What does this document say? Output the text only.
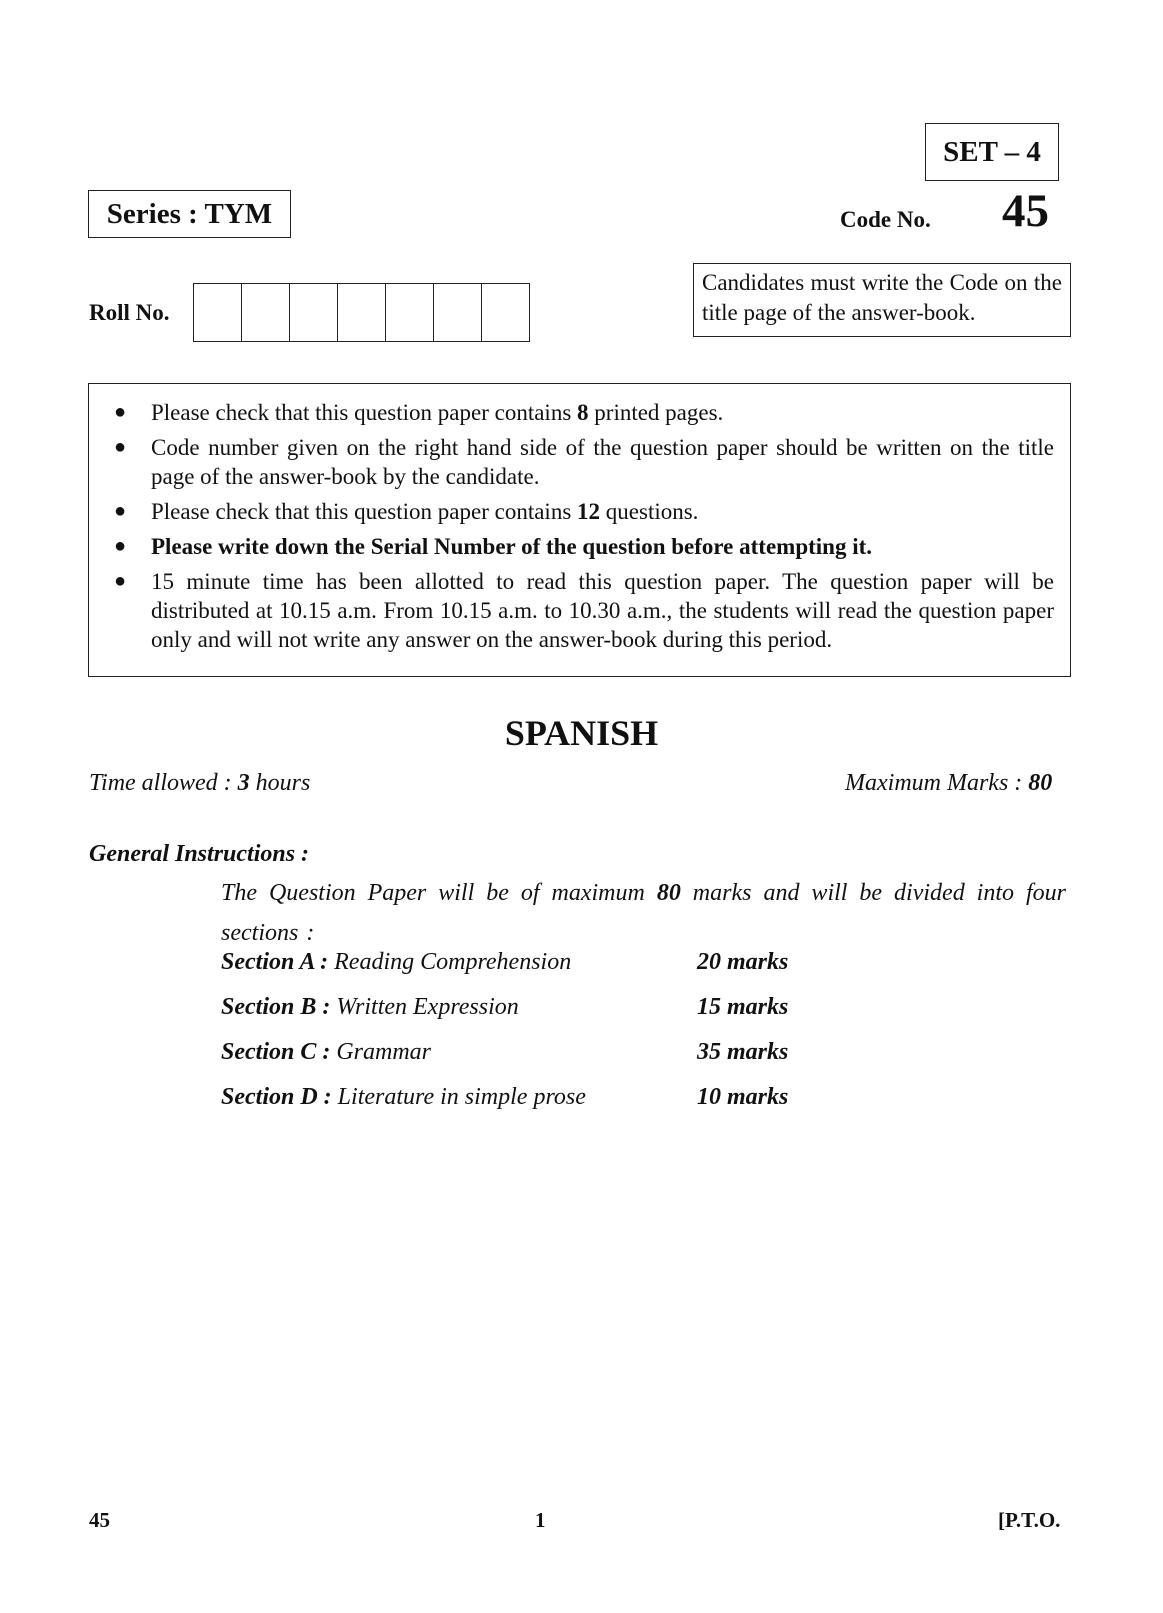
SET – 4
Series : TYM	Code No. 45
Roll No.
Candidates must write the Code on the title page of the answer-book.
●	Please check that this question paper contains 8 printed pages.
●	Code number given on the right hand side of the question paper should be written on the title page of the answer-book by the candidate.
●	Please check that this question paper contains 12 questions.
●	Please write down the Serial Number of the question before attempting it.
●	15 minute time has been allotted to read this question paper. The question paper will be distributed at 10.15 a.m. From 10.15 a.m. to 10.30 a.m., the students will read the question paper only and will not write any answer on the answer-book during this period.
SPANISH
Time allowed : 3 hours	Maximum Marks : 80
General Instructions :
The Question Paper will be of maximum 80 marks and will be divided into four sections :
Section A : Reading Comprehension	20 marks
Section B : Written Expression	15 marks
Section C : Grammar	35 marks
Section D : Literature in simple prose	10 marks
45	1	[P.T.O.
